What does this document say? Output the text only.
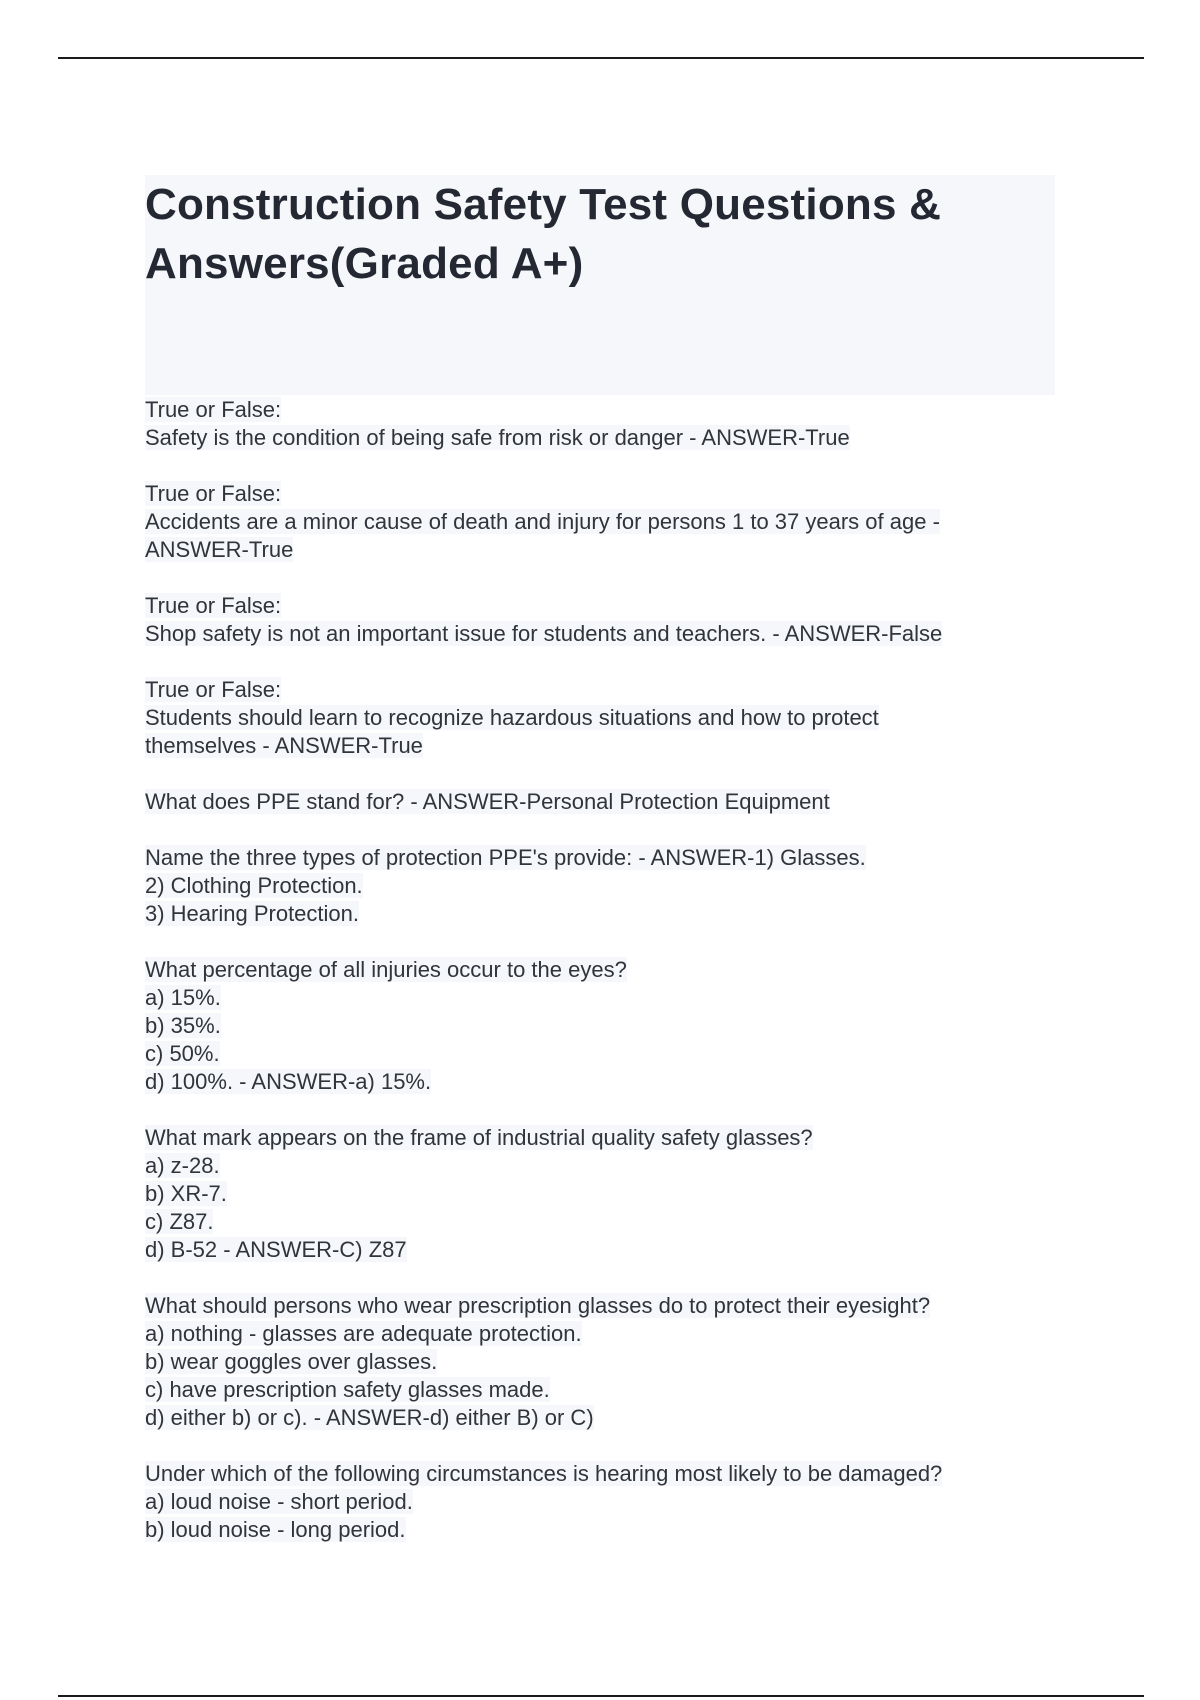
Construction Safety Test Questions & Answers(Graded A+)
True or False:
Safety is the condition of being safe from risk or danger - ANSWER-True
True or False:
Accidents are a minor cause of death and injury for persons 1 to 37 years of age -
ANSWER-True
True or False:
Shop safety is not an important issue for students and teachers. - ANSWER-False
True or False:
Students should learn to recognize hazardous situations and how to protect
themselves - ANSWER-True
What does PPE stand for? - ANSWER-Personal Protection Equipment
Name the three types of protection PPE's provide: - ANSWER-1) Glasses.
2) Clothing Protection.
3) Hearing Protection.
What percentage of all injuries occur to the eyes?
a) 15%.
b) 35%.
c) 50%.
d) 100%. - ANSWER-a) 15%.
What mark appears on the frame of industrial quality safety glasses?
a) z-28.
b) XR-7.
c) Z87.
d) B-52 - ANSWER-C) Z87
What should persons who wear prescription glasses do to protect their eyesight?
a) nothing - glasses are adequate protection.
b) wear goggles over glasses.
c) have prescription safety glasses made.
d) either b) or c). - ANSWER-d) either B) or C)
Under which of the following circumstances is hearing most likely to be damaged?
a) loud noise - short period.
b) loud noise - long period.
